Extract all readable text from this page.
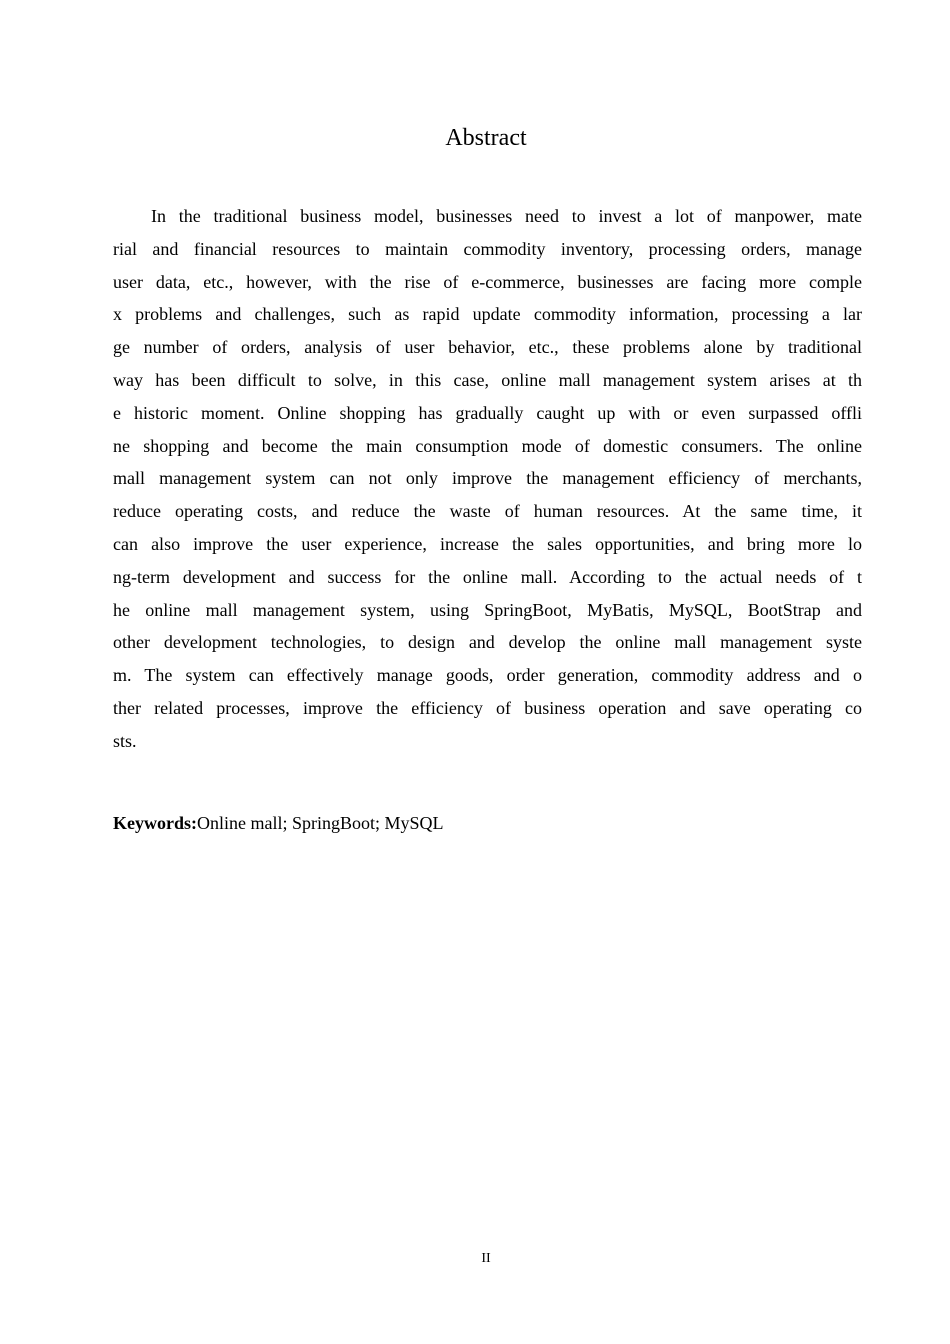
Abstract
In the traditional business model, businesses need to invest a lot of manpower, mate
rial and financial resources to maintain commodity inventory, processing orders, manage
user data, etc., however, with the rise of e-commerce, businesses are facing more comple
x problems and challenges, such as rapid update commodity information, processing a lar
ge number of orders, analysis of user behavior, etc., these problems alone by traditional
way has been difficult to solve, in this case, online mall management system arises at th
e historic moment. Online shopping has gradually caught up with or even surpassed offli
ne shopping and become the main consumption mode of domestic consumers. The online
mall management system can not only improve the management efficiency of merchants,
reduce operating costs, and reduce the waste of human resources. At the same time, it
can also improve the user experience, increase the sales opportunities, and bring more lo
ng-term development and success for the online mall. According to the actual needs of t
he online mall management system, using SpringBoot, MyBatis, MySQL, BootStrap and
other development technologies, to design and develop the online mall management syste
m. The system can effectively manage goods, order generation, commodity address and o
ther related processes, improve the efficiency of business operation and save operating co
sts.

Keywords:Online mall; SpringBoot; MySQL

II
